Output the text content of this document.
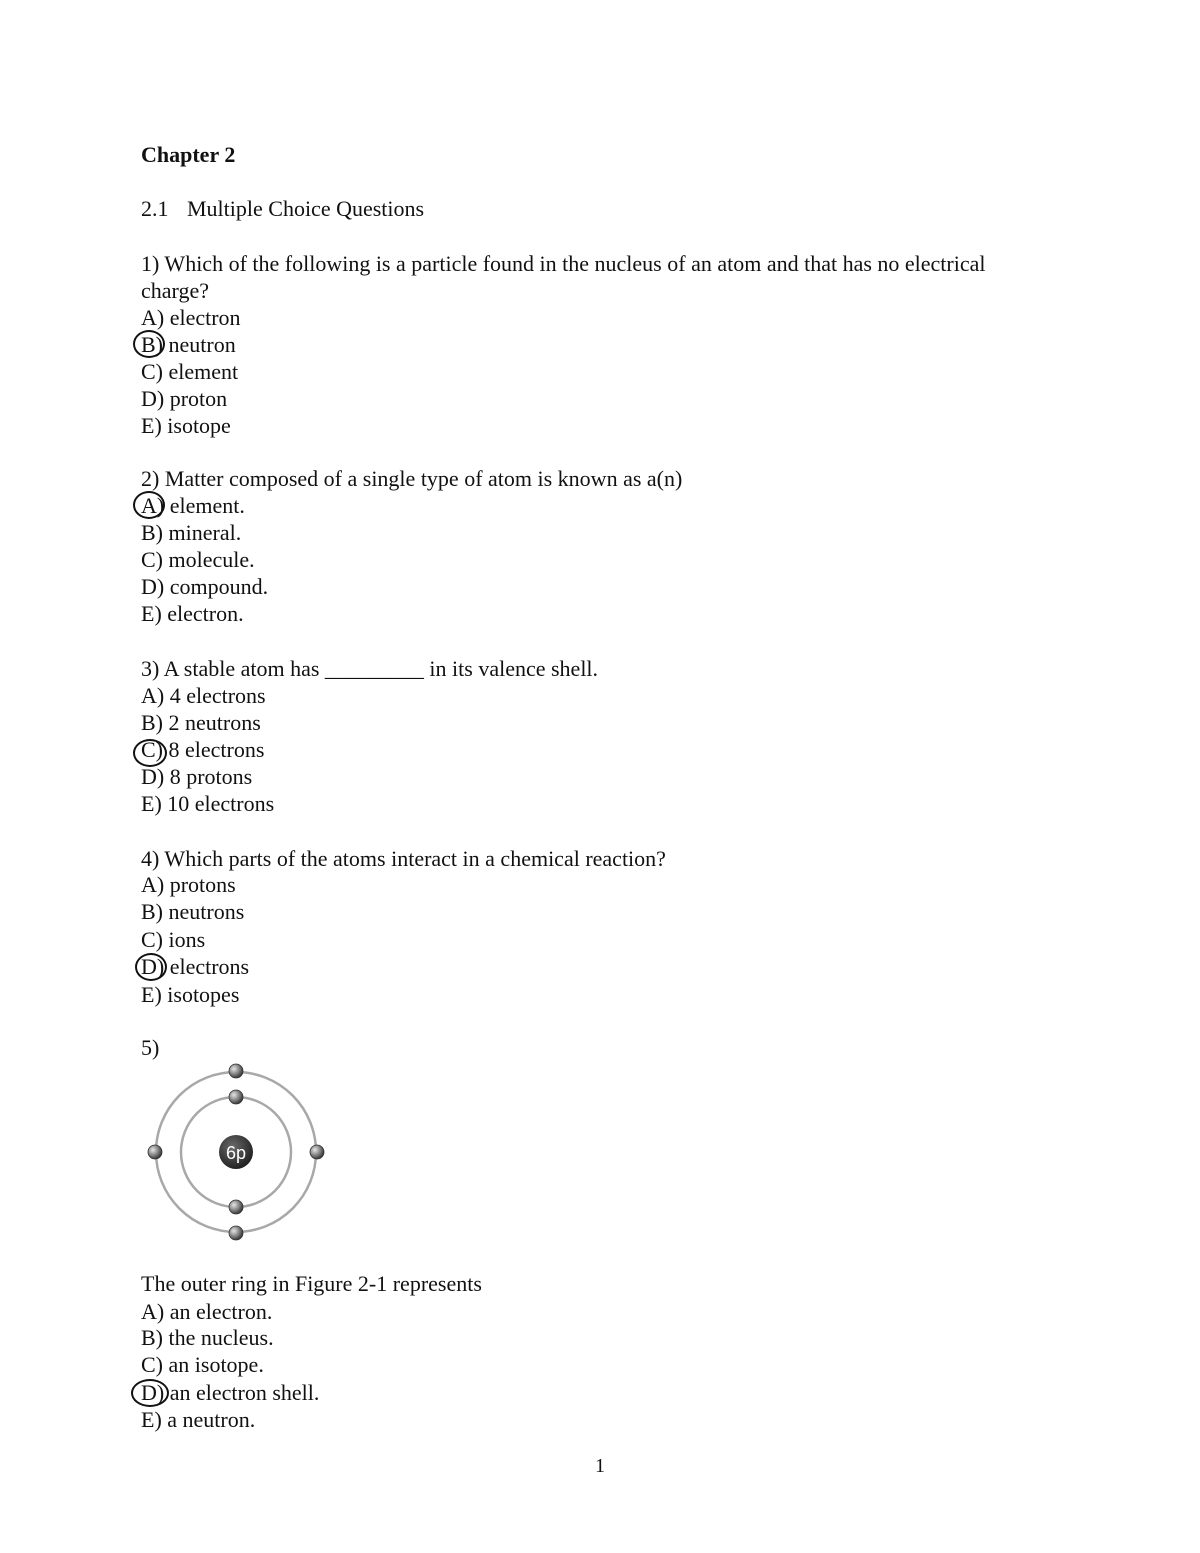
Chapter 2
2.1 Multiple Choice Questions
1) Which of the following is a particle found in the nucleus of an atom and that has no electrical
charge?
A) electron
B) neutron
C) element
D) proton
E) isotope
2) Matter composed of a single type of atom is known as a(n)
A) element.
B) mineral.
C) molecule.
D) compound.
E) electron.
3) A stable atom has _________ in its valence shell.
A) 4 electrons
B) 2 neutrons
C) 8 electrons
D) 8 protons
E) 10 electrons
4) Which parts of the atoms interact in a chemical reaction?
A) protons
B) neutrons
C) ions
D) electrons
E) isotopes
5)
6p
The outer ring in Figure 2-1 represents
A) an electron.
B) the nucleus.
C) an isotope.
D) an electron shell.
E) a neutron.
1
